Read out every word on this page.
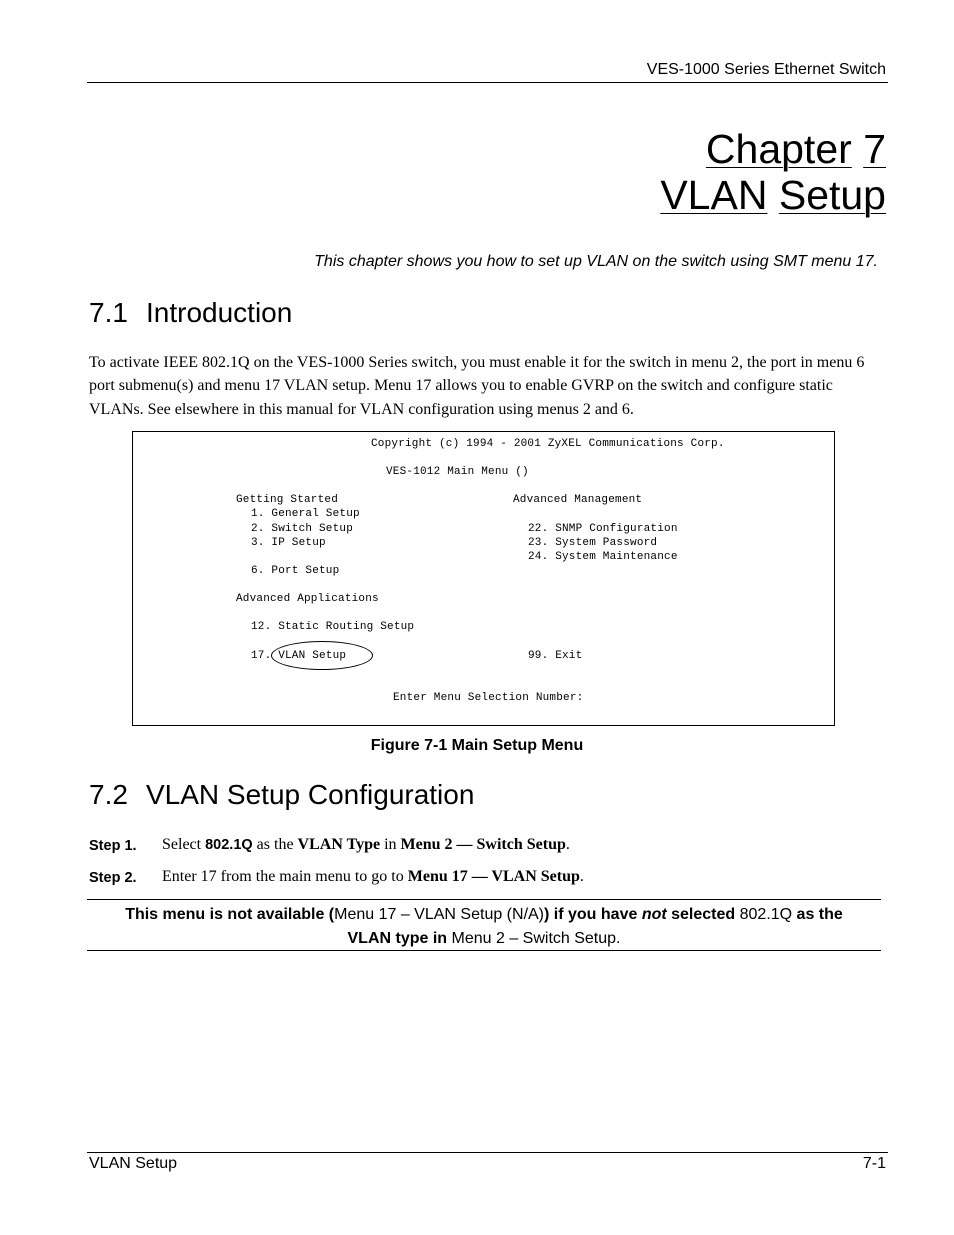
VES-1000 Series Ethernet Switch
Chapter 7
VLAN Setup
This chapter shows you how to set up VLAN on the switch using SMT menu 17.
7.1 Introduction
To activate IEEE 802.1Q on the VES-1000 Series switch, you must enable it for the switch in menu 2, the port in menu 6 port submenu(s) and menu 17 VLAN setup. Menu 17 allows you to enable GVRP on the switch and configure static VLANs. See elsewhere in this manual for VLAN configuration using menus 2 and 6.
Copyright (c) 1994 - 2001 ZyXEL Communications Corp.
VES-1012 Main Menu ()
Getting Started	Advanced Management
1. General Setup
2. Switch Setup	22. SNMP Configuration
3. IP Setup	23. System Password
24. System Maintenance
6. Port Setup
Advanced Applications
12. Static Routing Setup
17. VLAN Setup	99. Exit
Enter Menu Selection Number:
Figure 7-1 Main Setup Menu
7.2 VLAN Setup Configuration
Step 1. Select 802.1Q as the VLAN Type in Menu 2 — Switch Setup.
Step 2. Enter 17 from the main menu to go to Menu 17 — VLAN Setup.
This menu is not available (Menu 17 – VLAN Setup (N/A)) if you have not selected 802.1Q as the
VLAN type in Menu 2 – Switch Setup.
VLAN Setup	7-1
